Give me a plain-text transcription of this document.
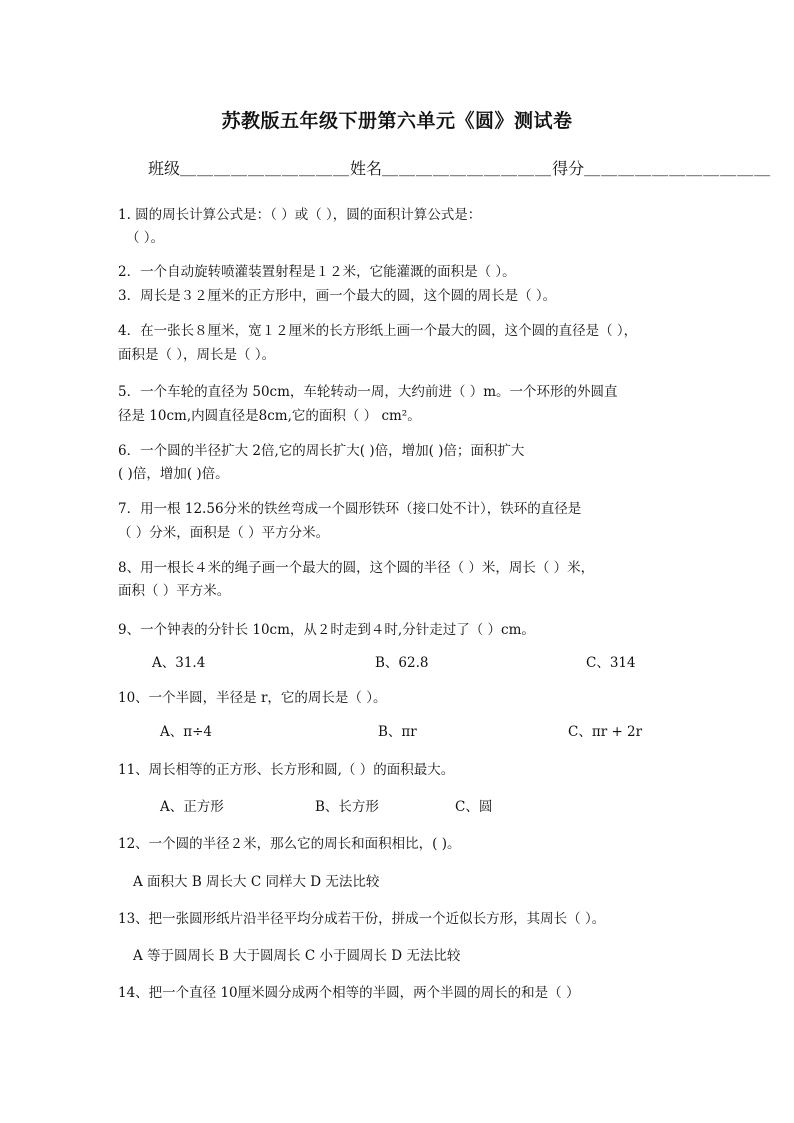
苏教版五年级下册第六单元《圆》测试卷
班级＿＿＿＿＿＿＿＿＿＿姓名＿＿＿＿＿＿＿＿＿＿得分＿＿＿＿＿＿＿＿＿＿＿
1. 圆的周长计算公式是：（ ）或（ ），圆的面积计算公式是：
（ ）。
2．一个自动旋转喷灌装置射程是１２米，它能灌溉的面积是（ ）。
3．周长是３２厘米的正方形中，画一个最大的圆，这个圆的周长是（ ）。
4．在一张长８厘米，宽１２厘米的长方形纸上画一个最大的圆，这个圆的直径是（ ），
面积是（ ），周长是（ ）。
5．一个车轮的直径为 50cm，车轮转动一周，大约前进（ ）m。一个环形的外圆直
径是 10cm,内圆直径是8cm,它的面积（ ） cm²。
6．一个圆的半径扩大 2倍,它的周长扩大( )倍，增加( )倍；面积扩大
( )倍，增加( )倍。
7．用一根 12.56分米的铁丝弯成一个圆形铁环（接口处不计），铁环的直径是
（ ）分米，面积是（ ）平方分米。
8、用一根长４米的绳子画一个最大的圆，这个圆的半径（ ）米，周长（ ）米，
面积（ ）平方米。
9、一个钟表的分针长 10cm，从２时走到４时,分针走过了（ ）cm。
A、31.4	B、62.8	C、314
10、一个半圆，半径是 r，它的周长是（ ）。
A、π÷4	B、πr	C、πr + 2r
11、周长相等的正方形、长方形和圆,（ ）的面积最大。
A、正方形	B、长方形	C、圆
12、一个圆的半径２米，那么它的周长和面积相比，( )。
A 面积大 B 周长大 C 同样大 D 无法比较
13、把一张圆形纸片沿半径平均分成若干份，拼成一个近似长方形，其周长（ ）。
A 等于圆周长 B 大于圆周长 C 小于圆周长 D 无法比较
14、把一个直径 10厘米圆分成两个相等的半圆，两个半圆的周长的和是（ ）
